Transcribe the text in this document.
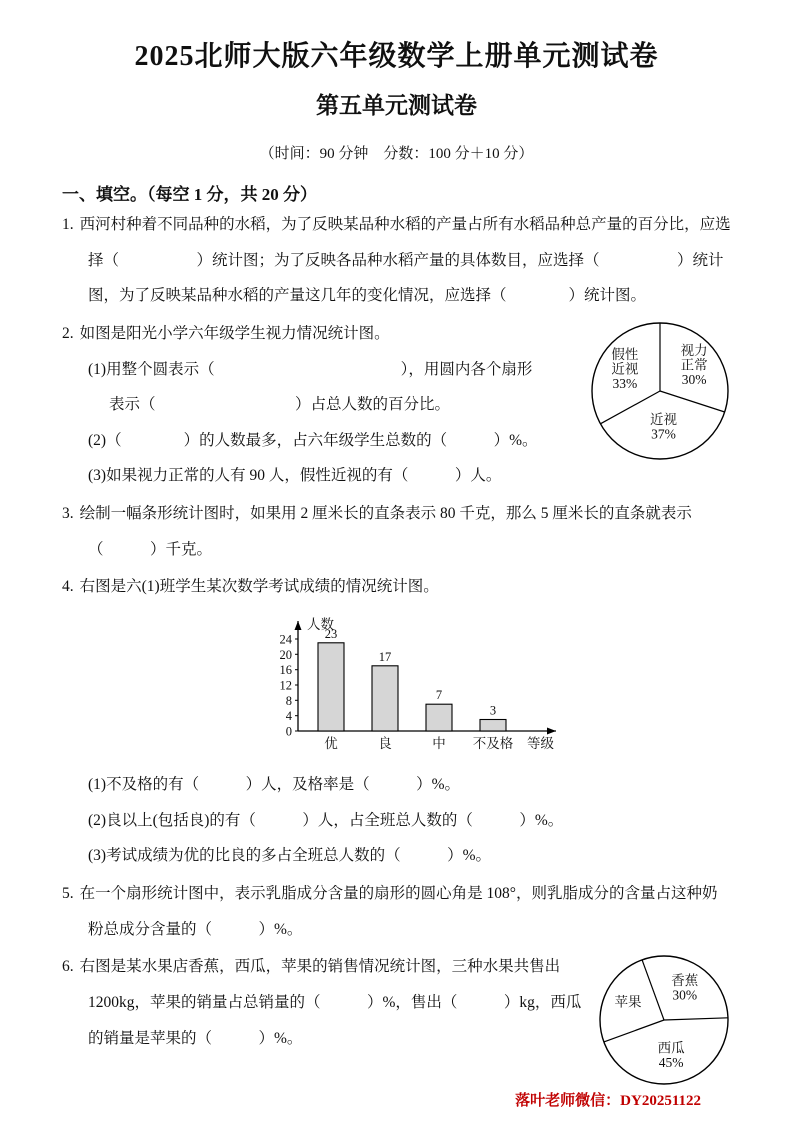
2025北师大版六年级数学上册单元测试卷
第五单元测试卷
（时间：90 分钟　分数：100 分＋10 分）
一、填空。（每空 1 分，共 20 分）
1. 西河村种着不同品种的水稻，为了反映某品种水稻的产量占所有水稻品种总产量的百分比，应选择（　　　　　）统计图；为了反映各品种水稻产量的具体数目，应选择（　　　　　）统计图，为了反映某品种水稻的产量这几年的变化情况，应选择（　　　　）统计图。
2. 如图是阳光小学六年级学生视力情况统计图。
(1)用整个圆表示（　　　　　　　　　　　　），用圆内各个扇形
表示（　　　　　　　　　）占总人数的百分比。
(2)（　　　　）的人数最多，占六年级学生总数的（　　　）%。
(3)如果视力正常的人有 90 人，假性近视的有（　　　）人。
视力
正常
30%
近视
37%
假性
近视
33%
3. 绘制一幅条形统计图时，如果用 2 厘米长的直条表示 80 千克，那么 5 厘米长的直条就表示（　　　）千克。
4. 右图是六(1)班学生某次数学考试成绩的情况统计图。
人数
0
4
8
12
16
20
24	23
优
17
良
7
中
3
不及格 等级
(1)不及格的有（　　　）人，及格率是（　　　）%。
(2)良以上(包括良)的有（　　　）人，占全班总人数的（　　　）%。
(3)考试成绩为优的比良的多占全班总人数的（　　　）%。
5. 在一个扇形统计图中，表示乳脂成分含量的扇形的圆心角是 108°，则乳脂成分的含量占这种奶粉总成分含量的（　　　）%。
6. 右图是某水果店香蕉，西瓜，苹果的销售情况统计图，三种水果共售出 1200kg，苹果的销量占总销量的（　　　）%，售出（　　　）kg，西瓜的销量是苹果的（　　　）%。
香蕉
30%
西瓜
45%
苹果
落叶老师微信：DY20251122
